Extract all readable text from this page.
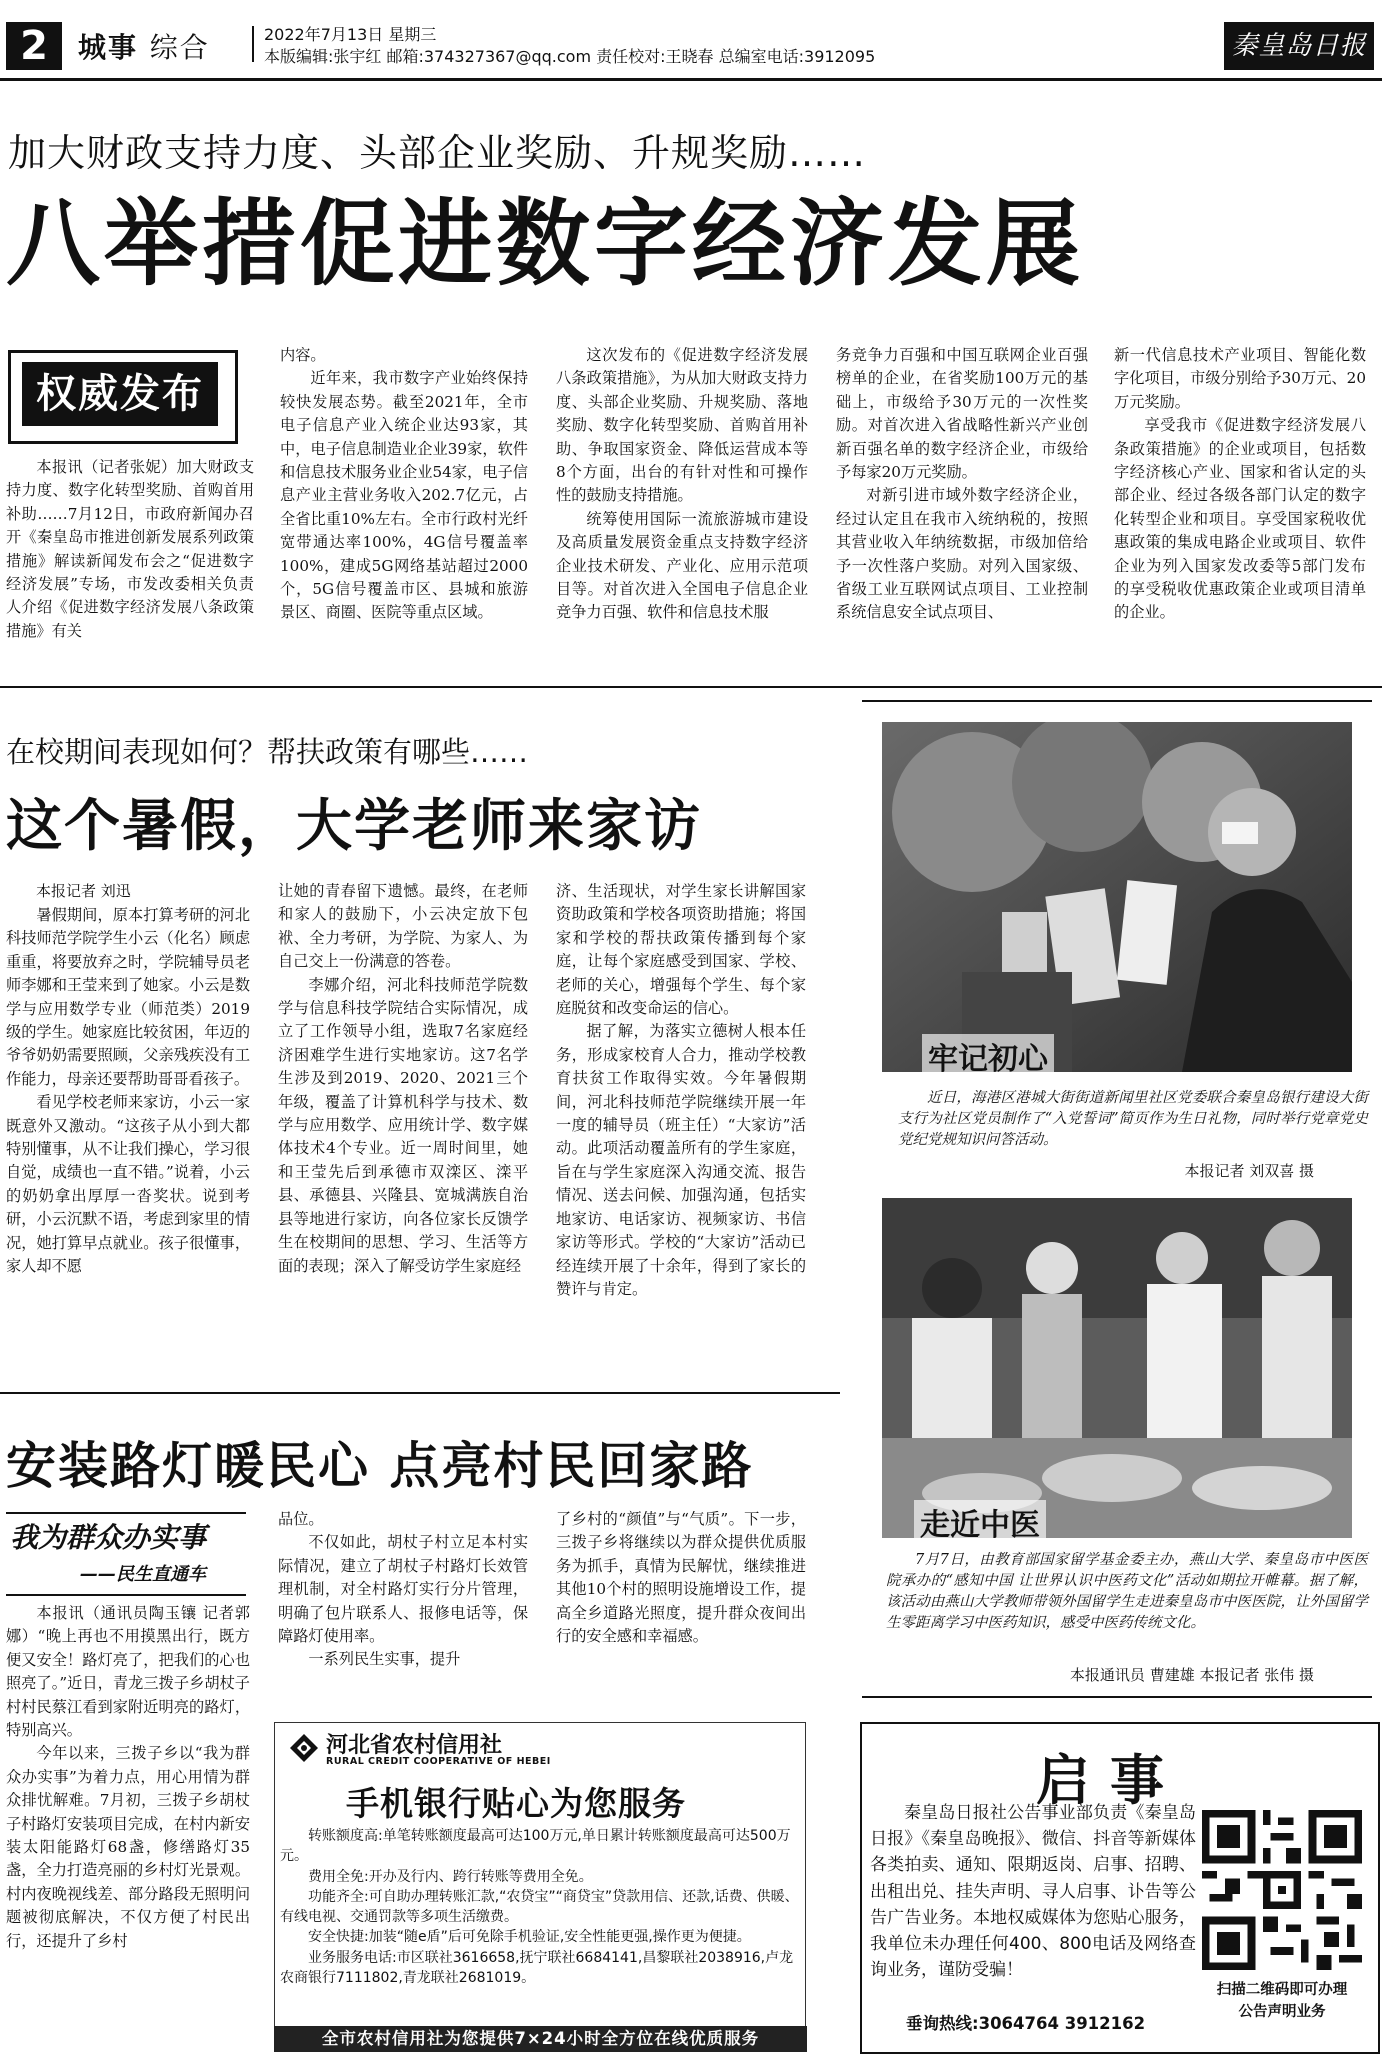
2	城事 综合	2022年7月13日 星期三
本版编辑:张宇红 邮箱:374327367@qq.com 责任校对:王晓春 总编室电话:3912095	秦皇岛日报
加大财政支持力度、头部企业奖励、升规奖励……
八举措促进数字经济发展
权威发布
本报讯（记者张妮）加大财政支持力度、数字化转型奖励、首购首用补助……7月12日，市政府新闻办召开《秦皇岛市推进创新发展系列政策措施》解读新闻发布会之“促进数字经济发展”专场，市发改委相关负责人介绍《促进数字经济发展八条政策措施》有关

内容。

近年来，我市数字产业始终保持较快发展态势。截至2021年，全市电子信息产业入统企业达93家，其中，电子信息制造业企业39家，软件和信息技术服务业企业54家，电子信息产业主营业务收入202.7亿元，占全省比重10%左右。全市行政村光纤宽带通达率100%，4G信号覆盖率100%，建成5G网络基站超过2000个，5G信号覆盖市区、县城和旅游景区、商圈、医院等重点区域。

这次发布的《促进数字经济发展八条政策措施》，为从加大财政支持力度、头部企业奖励、升规奖励、落地奖励、数字化转型奖励、首购首用补助、争取国家资金、降低运营成本等8个方面，出台的有针对性和可操作性的鼓励支持措施。

统筹使用国际一流旅游城市建设及高质量发展资金重点支持数字经济企业技术研发、产业化、应用示范项目等。对首次进入全国电子信息企业竞争力百强、软件和信息技术服

务竞争力百强和中国互联网企业百强榜单的企业，在省奖励100万元的基础上，市级给予30万元的一次性奖励。对首次进入省战略性新兴产业创新百强名单的数字经济企业，市级给予每家20万元奖励。

对新引进市域外数字经济企业，经过认定且在我市入统纳税的，按照其营业收入年纳统数据，市级加倍给予一次性落户奖励。对列入国家级、省级工业互联网试点项目、工业控制系统信息安全试点项目、

新一代信息技术产业项目、智能化数字化项目，市级分别给予30万元、20万元奖励。

享受我市《促进数字经济发展八条政策措施》的企业或项目，包括数字经济核心产业、国家和省认定的头部企业、经过各级各部门认定的数字化转型企业和项目。享受国家税收优惠政策的集成电路企业或项目、软件企业为列入国家发改委等5部门发布的享受税收优惠政策企业或项目清单的企业。

在校期间表现如何？帮扶政策有哪些……
这个暑假，大学老师来家访
本报记者 刘迅

暑假期间，原本打算考研的河北科技师范学院学生小云（化名）顾虑重重，将要放弃之时，学院辅导员老师李娜和王莹来到了她家。小云是数学与应用数学专业（师范类）2019级的学生。她家庭比较贫困，年迈的爷爷奶奶需要照顾，父亲残疾没有工作能力，母亲还要帮助哥哥看孩子。

看见学校老师来家访，小云一家既意外又激动。“这孩子从小到大都特别懂事，从不让我们操心，学习很自觉，成绩也一直不错。”说着，小云的奶奶拿出厚厚一沓奖状。说到考研，小云沉默不语，考虑到家里的情况，她打算早点就业。孩子很懂事，家人却不愿

让她的青春留下遗憾。最终，在老师和家人的鼓励下，小云决定放下包袱、全力考研，为学院、为家人、为自己交上一份满意的答卷。

李娜介绍，河北科技师范学院数学与信息科技学院结合实际情况，成立了工作领导小组，选取7名家庭经济困难学生进行实地家访。这7名学生涉及到2019、2020、2021三个年级，覆盖了计算机科学与技术、数学与应用数学、应用统计学、数字媒体技术4个专业。近一周时间里，她和王莹先后到承德市双滦区、滦平县、承德县、兴隆县、宽城满族自治县等地进行家访，向各位家长反馈学生在校期间的思想、学习、生活等方面的表现；深入了解受访学生家庭经

济、生活现状，对学生家长讲解国家资助政策和学校各项资助措施；将国家和学校的帮扶政策传播到每个家庭，让每个家庭感受到国家、学校、老师的关心，增强每个学生、每个家庭脱贫和改变命运的信心。

据了解，为落实立德树人根本任务，形成家校育人合力，推动学校教育扶贫工作取得实效。今年暑假期间，河北科技师范学院继续开展一年一度的辅导员（班主任）“大家访”活动。此项活动覆盖所有的学生家庭，旨在与学生家庭深入沟通交流、报告情况、送去问候、加强沟通，包括实地家访、电话家访、视频家访、书信家访等形式。学校的“大家访”活动已经连续开展了十余年，得到了家长的赞许与肯定。

牢记初心
近日，海港区港城大街街道新闻里社区党委联合秦皇岛银行建设大街支行为社区党员制作了“入党誓词”简页作为生日礼物，同时举行党章党史党纪党规知识问答活动。
本报记者 刘双喜 摄
走近中医
7月7日，由教育部国家留学基金委主办，燕山大学、秦皇岛市中医医院承办的“感知中国 让世界认识中医药文化”活动如期拉开帷幕。据了解，该活动由燕山大学教师带领外国留学生走进秦皇岛市中医医院，让外国留学生零距离学习中医药知识，感受中医药传统文化。
本报通讯员 曹建雄 本报记者 张伟 摄
安装路灯暖民心 点亮村民回家路
我为群众办实事
——民生直通车

本报讯（通讯员陶玉镶 记者郭娜）“晚上再也不用摸黑出行，既方便又安全！路灯亮了，把我们的心也照亮了。”近日，青龙三拨子乡胡杖子村村民蔡江看到家附近明亮的路灯，特别高兴。

今年以来，三拨子乡以“我为群众办实事”为着力点，用心用情为群众排忧解难。7月初，三拨子乡胡杖子村路灯安装项目完成，在村内新安装太阳能路灯68盏，修缮路灯35盏，全力打造亮丽的乡村灯光景观。村内夜晚视线差、部分路段无照明问题被彻底解决，不仅方便了村民出行，还提升了乡村

品位。

不仅如此，胡杖子村立足本村实际情况，建立了胡杖子村路灯长效管理机制，对全村路灯实行分片管理，明确了包片联系人、报修电话等，保障路灯使用率。

一系列民生实事，提升

了乡村的“颜值”与“气质”。下一步，三拨子乡将继续以为群众提供优质服务为抓手，真情为民解忧，继续推进其他10个村的照明设施增设工作，提高全乡道路光照度，提升群众夜间出行的安全感和幸福感。

河北省农村信用社
RURAL CREDIT COOPERATIVE OF HEBEI
手机银行贴心为您服务
转账额度高:单笔转账额度最高可达100万元,单日累计转账额度最高可达500万元。
费用全免:开办及行内、跨行转账等费用全免。
功能齐全:可自助办理转账汇款,“农贷宝”“商贷宝”贷款用信、还款,话费、供暖、有线电视、交通罚款等多项生活缴费。
安全快捷:加装“随e盾”后可免除手机验证,安全性能更强,操作更为便捷。
业务服务电话:市区联社3616658,抚宁联社6684141,昌黎联社2038916,卢龙农商银行7111802,青龙联社2681019。
全市农村信用社为您提供7×24小时全方位在线优质服务
启事
秦皇岛日报社公告事业部负责《秦皇岛日报》《秦皇岛晚报》、微信、抖音等新媒体各类拍卖、通知、限期返岗、启事、招聘、出租出兑、挂失声明、寻人启事、讣告等公告广告业务。本地权威媒体为您贴心服务，我单位未办理任何400、800电话及网络查询业务，谨防受骗！
垂询热线:3064764 3912162
扫描二维码即可办理
公告声明业务
